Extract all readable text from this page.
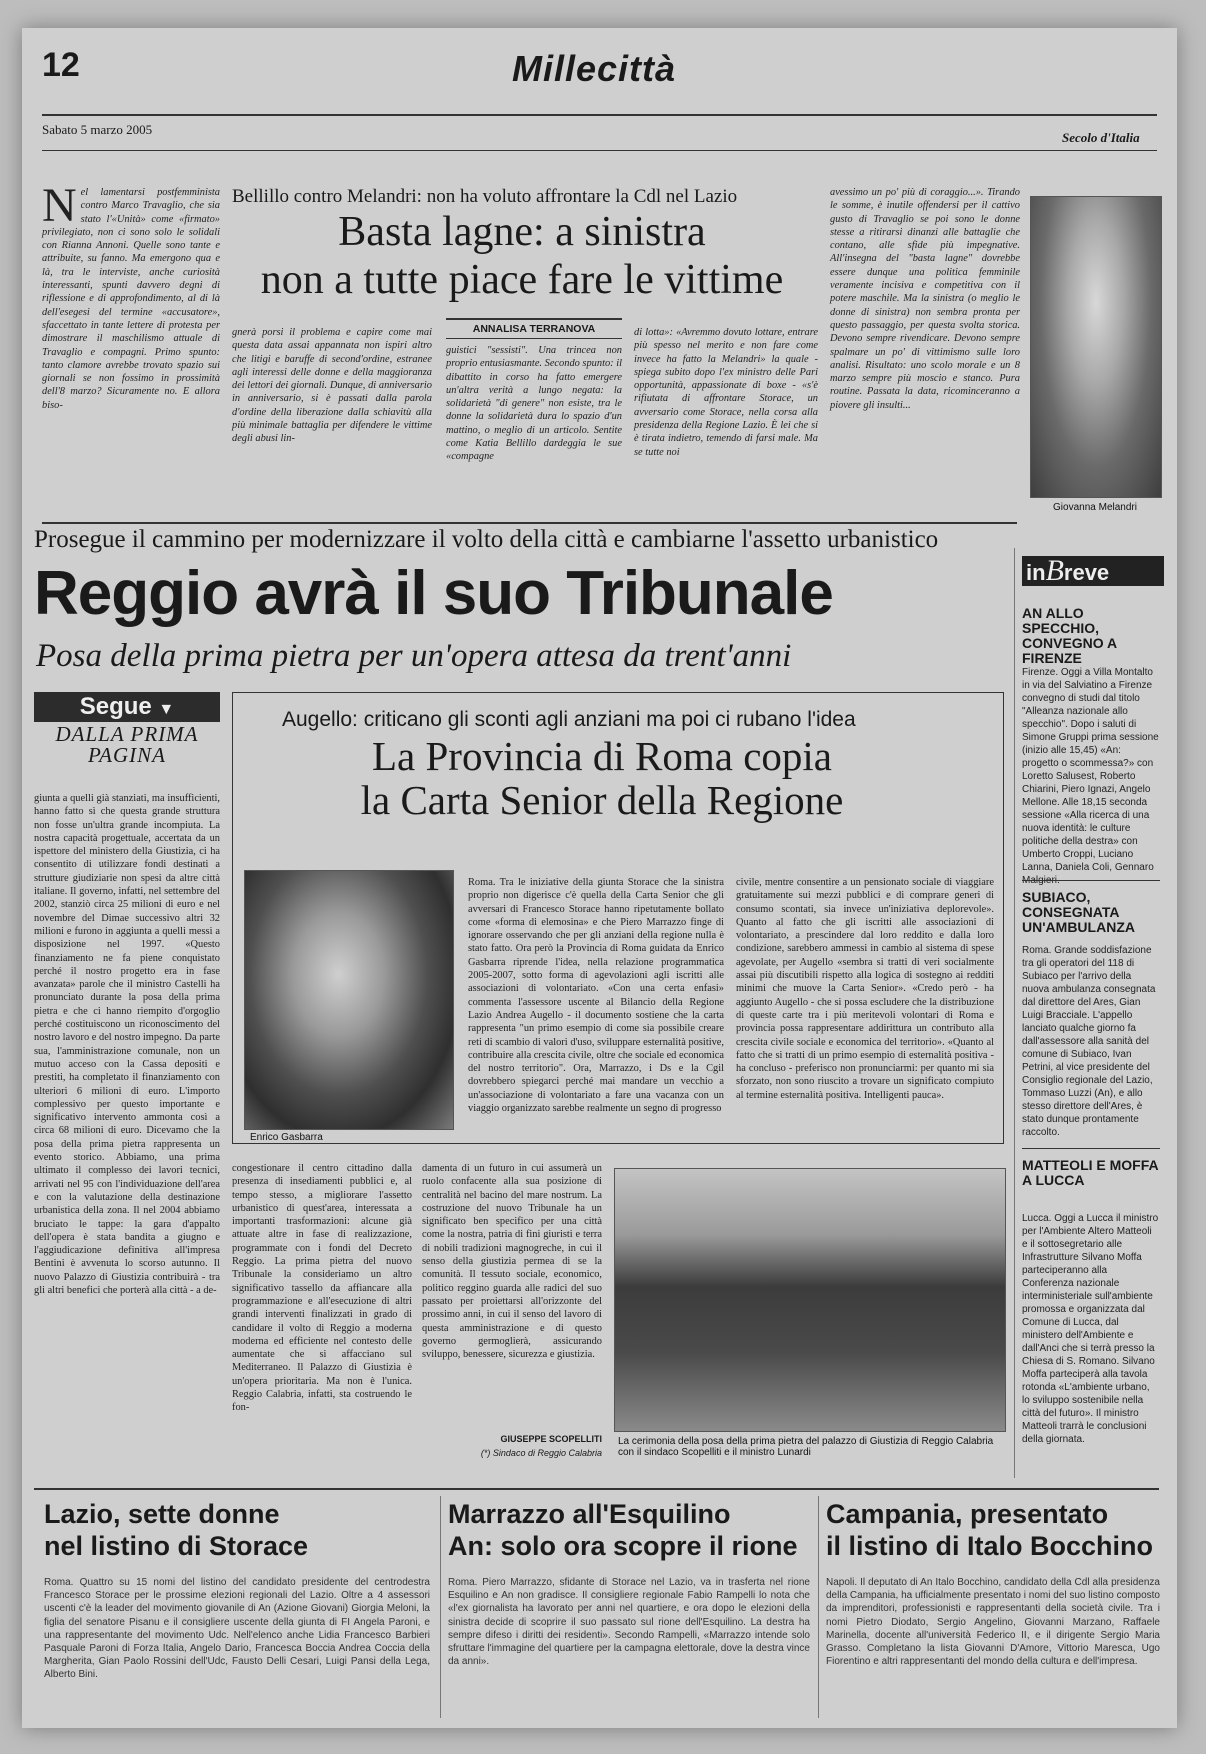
12	Millecittà
Sabato 5 marzo 2005
Secolo d'Italia
Nel lamentarsi postfemminista contro Marco Travaglio, che sia stato l'«Unità» come «firmato» privilegiato, non ci sono solo le solidali con Rianna Annoni. Quelle sono tante e attribuite, su fanno. Ma emergono qua e là, tra le interviste, anche curiosità interessanti, spunti davvero degni di riflessione e di approfondimento, al di là dell'esegesi del termine «accusatore», sfaccettato in tante lettere di protesta per dimostrare il maschilismo attuale di Travaglio e compagni. Primo spunto: tanto clamore avrebbe trovato spazio sui giornali se non fossimo in prossimità dell'8 marzo? Sicuramente no. E allora biso-
Bellillo contro Melandri: non ha voluto affrontare la Cdl nel Lazio
Basta lagne: a sinistra
non a tutte piace fare le vittime
gnerà porsi il problema e capire come mai questa data assai appannata non ispiri altro che litigi e baruffe di second'ordine, estranee agli interessi delle donne e della maggioranza dei lettori dei giornali. Dunque, di anniversario in anniversario, si è passati dalla parola d'ordine della liberazione dalla schiavitù alla più minimale battaglia per difendere le vittime degli abusi lin-
ANNALISA TERRANOVA
guistici "sessisti". Una trincea non proprio entusiasmante. Secondo spunto: il dibattito in corso ha fatto emergere un'altra verità a lungo negata: la solidarietà "di genere" non esiste, tra le donne la solidarietà dura lo spazio d'un mattino, o meglio di un articolo. Sentite come Katia Bellillo dardeggia le sue «compagne
di lotta»: «Avremmo dovuto lottare, entrare più spesso nel merito e non fare come invece ha fatto la Melandri» la quale - spiega subito dopo l'ex ministro delle Pari opportunità, appassionate di boxe - «s'è rifiutata di affrontare Storace, un avversario come Storace, nella corsa alla presidenza della Regione Lazio. È lei che si è tirata indietro, temendo di farsi male. Ma se tutte noi
avessimo un po' più di coraggio...». Tirando le somme, è inutile offendersi per il cattivo gusto di Travaglio se poi sono le donne stesse a ritirarsi dinanzi alle battaglie che contano, alle sfide più impegnative. All'insegna del "basta lagne" dovrebbe essere dunque una politica femminile veramente incisiva e competitiva con il potere maschile. Ma la sinistra (o meglio le donne di sinistra) non sembra pronta per questo passaggio, per questa svolta storica. Devono sempre rivendicare. Devono sempre spalmare un po' di vittimismo sulle loro analisi. Risultato: uno scolo morale e un 8 marzo sempre più moscio e stanco. Pura routine. Passata la data, ricominceranno a piovere gli insulti...
Giovanna Melandri
Prosegue il cammino per modernizzare il volto della città e cambiarne l'assetto urbanistico
Reggio avrà il suo Tribunale
Posa della prima pietra per un'opera attesa da trent'anni
Segue ▼
DALLA PRIMA PAGINA
giunta a quelli già stanziati, ma insufficienti, hanno fatto sì che questa grande struttura non fosse un'ultra grande incompiuta. La nostra capacità progettuale, accertata da un ispettore del ministero della Giustizia, ci ha consentito di utilizzare fondi destinati a strutture giudiziarie non spesi da altre città italiane. Il governo, infatti, nel settembre del 2002, stanziò circa 25 milioni di euro e nel novembre del Dimae successivo altri 32 milioni e furono in aggiunta a quelli messi a disposizione nel 1997. «Questo finanziamento ne fa piene conquistato perché il nostro progetto era in fase avanzata» parole che il ministro Castelli ha pronunciato durante la posa della prima pietra e che ci hanno riempito d'orgoglio perché costituiscono un riconoscimento del nostro lavoro e del nostro impegno. Da parte sua, l'amministrazione comunale, non un mutuo acceso con la Cassa depositi e prestiti, ha completato il finanziamento con ulteriori 6 milioni di euro. L'importo complessivo per questo importante e significativo intervento ammonta così a circa 68 milioni di euro. Dicevamo che la posa della prima pietra rappresenta un evento storico. Abbiamo, una prima ultimato il complesso dei lavori tecnici, arrivati nel 95 con l'individuazione dell'area e con la valutazione della destinazione urbanistica della zona. Il nel 2004 abbiamo bruciato le tappe: la gara d'appalto dell'opera è stata bandita a giugno e l'aggiudicazione definitiva all'impresa Bentini è avvenuta lo scorso autunno. Il nuovo Palazzo di Giustizia contribuirà - tra gli altri benefici che porterà alla città - a de-
Augello: criticano gli sconti agli anziani ma poi ci rubano l'idea
La Provincia di Roma copia
la Carta Senior della Regione
Enrico Gasbarra
Roma. Tra le iniziative della giunta Storace che la sinistra proprio non digerisce c'è quella della Carta Senior che gli avversari di Francesco Storace hanno ripetutamente bollato come «forma di elemosina» e che Piero Marrazzo finge di ignorare osservando che per gli anziani della regione nulla è stato fatto. Ora però la Provincia di Roma guidata da Enrico Gasbarra riprende l'idea, nella relazione programmatica 2005-2007, sotto forma di agevolazioni agli iscritti alle associazioni di volontariato. «Con una certa enfasi» commenta l'assessore uscente al Bilancio della Regione Lazio Andrea Augello - il documento sostiene che la carta rappresenta "un primo esempio di come sia possibile creare reti di scambio di valori d'uso, sviluppare esternalità positive, contribuire alla crescita civile, oltre che sociale ed economica del nostro territorio". Ora, Marrazzo, i Ds e la Cgil dovrebbero spiegarci perché mai mandare un vecchio a un'associazione di volontariato a fare una vacanza con un viaggio organizzato sarebbe realmente un segno di progresso
civile, mentre consentire a un pensionato sociale di viaggiare gratuitamente sui mezzi pubblici e di comprare generi di consumo scontati, sia invece un'iniziativa deplorevole». Quanto al fatto che gli iscritti alle associazioni di volontariato, a prescindere dal loro reddito e dalla loro condizione, sarebbero ammessi in cambio al sistema di spese agevolate, per Augello «sembra si tratti di veri socialmente assai più discutibili rispetto alla logica di sostegno ai redditi minimi che muove la Carta Senior». «Credo però - ha aggiunto Augello - che si possa escludere che la distribuzione di queste carte tra i più meritevoli volontari di Roma e provincia possa rappresentare addirittura un contributo alla crescita civile sociale e economica del territorio». «Quanto al fatto che si tratti di un primo esempio di esternalità positiva - ha concluso - preferisco non pronunciarmi: per quanto mi sia sforzato, non sono riuscito a trovare un significato compiuto al termine esternalità positiva. Intelligenti pauca».
congestionare il centro cittadino dalla presenza di insediamenti pubblici e, al tempo stesso, a migliorare l'assetto urbanistico di quest'area, interessata a importanti trasformazioni: alcune già attuate altre in fase di realizzazione, programmate con i fondi del Decreto Reggio. La prima pietra del nuovo Tribunale la consideriamo un altro significativo tassello da affiancare alla programmazione e all'esecuzione di altri grandi interventi finalizzati in grado di candidare il volto di Reggio a moderna moderna ed efficiente nel contesto delle aumentate che si affacciano sul Mediterraneo. Il Palazzo di Giustizia è un'opera prioritaria. Ma non è l'unica. Reggio Calabria, infatti, sta costruendo le fon-
damenta di un futuro in cui assumerà un ruolo confacente alla sua posizione di centralità nel bacino del mare nostrum. La costruzione del nuovo Tribunale ha un significato ben specifico per una città come la nostra, patria di fini giuristi e terra di nobili tradizioni magnogreche, in cui il senso della giustizia permea di se la comunità. Il tessuto sociale, economico, politico reggino guarda alle radici del suo passato per proiettarsi all'orizzonte del prossimo anni, in cui il senso del lavoro di questa amministrazione e di questo governo germoglierà, assicurando sviluppo, benessere, sicurezza e giustizia.
GIUSEPPE SCOPELLITI
(*) Sindaco di Reggio Calabria
La cerimonia della posa della prima pietra del palazzo di Giustizia di Reggio Calabria con il sindaco Scopelliti e il ministro Lunardi
inBreve
AN ALLO SPECCHIO, CONVEGNO A FIRENZE
Firenze. Oggi a Villa Montalto in via del Salviatino a Firenze convegno di studi dal titolo "Alleanza nazionale allo specchio". Dopo i saluti di Simone Gruppi prima sessione (inizio alle 15,45) «An: progetto o scommessa?» con Loretto Salusest, Roberto Chiarini, Piero Ignazi, Angelo Mellone. Alle 18,15 seconda sessione «Alla ricerca di una nuova identità: le culture politiche della destra» con Umberto Croppi, Luciano Lanna, Daniela Coli, Gennaro
SUBIACO, CONSEGNATA UN'AMBULANZA
Roma. Grande soddisfazione tra gli operatori del 118 di Subiaco per l'arrivo della nuova ambulanza consegnata dal direttore del Ares, Gian Luigi Bracciale. L'appello lanciato qualche giorno fa dall'assessore alla sanità del comune di Subiaco, Ivan Petrini, al vice presidente del Consiglio regionale del Lazio, Tommaso Luzzi (An), e allo stesso direttore dell'Ares, è stato dunque prontamente raccolto.
MATTEOLI E MOFFA A LUCCA
Lucca. Oggi a Lucca il ministro per l'Ambiente Altero Matteoli e il sottosegretario alle Infrastrutture Silvano Moffa parteciperanno alla Conferenza nazionale interministeriale sull'ambiente promossa e organizzata dal Comune di Lucca, dal ministero dell'Ambiente e dall'Anci che si terrà presso la Chiesa di S. Romano. Silvano Moffa parteciperà alla tavola rotonda «L'ambiente urbano, lo sviluppo sostenibile nella città del futuro». Il ministro Matteoli trarrà le conclusioni della giornata.
Lazio, sette donne
nel listino di Storace
Roma. Quattro su 15 nomi del listino del candidato presidente del centrodestra Francesco Storace per le prossime elezioni regionali del Lazio. Oltre a 4 assessori uscenti c'è la leader del movimento giovanile di An (Azione Giovani) Giorgia Meloni, la figlia del senatore Pisanu e il consigliere uscente della giunta di FI Angela Paroni, e una rappresentante del movimento Udc. Nell'elenco anche Lidia Francesco Barbieri Pasquale Paroni di Forza Italia, Angelo Dario, Francesca Boccia Andrea Coccia della Margherita, Gian Paolo Rossini dell'Udc, Fausto Delli Cesari, Luigi Pansi della Lega, Alberto Bini.
Marrazzo all'Esquilino
An: solo ora scopre il rione
Roma. Piero Marrazzo, sfidante di Storace nel Lazio, va in trasferta nel rione Esquilino e An non gradisce. Il consigliere regionale Fabio Rampelli lo nota che «l'ex giornalista ha lavorato per anni nel quartiere, e ora dopo le elezioni della sinistra decide di scoprire il suo passato sul rione dell'Esquilino. La destra ha sempre difeso i diritti dei residenti». Secondo Rampelli, «Marrazzo intende solo sfruttare l'immagine del quartiere per la campagna elettorale, dove la destra vince da anni».
Campania, presentato
il listino di Italo Bocchino
Napoli. Il deputato di An Italo Bocchino, candidato della Cdl alla presidenza della Campania, ha ufficialmente presentato i nomi del suo listino composto da imprenditori, professionisti e rappresentanti della società civile. Tra i nomi Pietro Diodato, Sergio Angelino, Giovanni Marzano, Raffaele Marinella, docente all'università Federico II, e il dirigente Sergio Maria Grasso. Completano la lista Giovanni D'Amore, Vittorio Maresca, Ugo Fiorentino e altri rappresentanti del mondo della cultura e dell'impresa.
